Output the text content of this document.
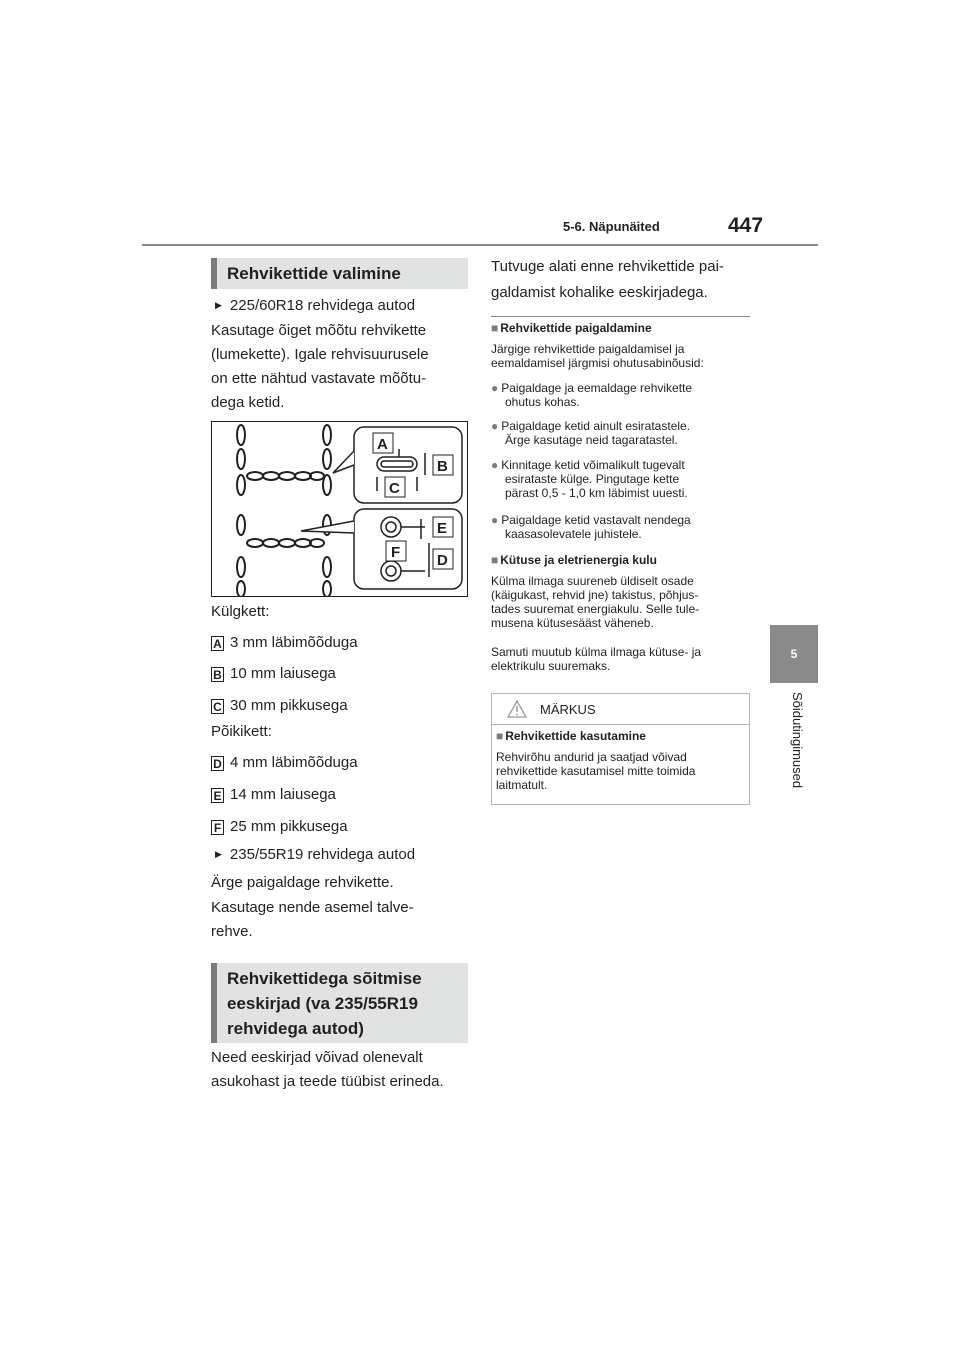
5-6. Näpunäited	447
5
Sõidutingimused
Rehvikettide valimine
▶ 225/60R18 rehvidega autod
Kasutage õiget mõõtu rehvikette
(lumekette). Igale rehvisuurusele
on ette nähtud vastavate mõõtu-
dega ketid.
A
B
C
E
F D
Külgkett:
A 3 mm läbimõõduga
B 10 mm laiusega
C 30 mm pikkusega
Põikikett:
D 4 mm läbimõõduga
E 14 mm laiusega
F 25 mm pikkusega
▶ 235/55R19 rehvidega autod
Ärge paigaldage rehvikette.
Kasutage nende asemel talve-
rehve.
Rehvikettidega sõitmise
eeskirjad (va 235/55R19
rehvidega autod)
Need eeskirjad võivad olenevalt
asukohast ja teede tüübist erineda.
Tutvuge alati enne rehvikettide pai-
galdamist kohalike eeskirjadega.
■ Rehvikettide paigaldamine
Järgige rehvikettide paigaldamisel ja
eemaldamisel järgmisi ohutusabinõusid:
● Paigaldage ja eemaldage rehvikette
ohutus kohas.
● Paigaldage ketid ainult esiratastele.
Ärge kasutage neid tagaratastel.
● Kinnitage ketid võimalikult tugevalt
esirataste külge. Pingutage kette
pärast 0,5 - 1,0 km läbimist uuesti.
● Paigaldage ketid vastavalt nendega
kaasasolevatele juhistele.
■ Kütuse ja eletrienergia kulu
Külma ilmaga suureneb üldiselt osade
(käigukast, rehvid jne) takistus, põhjus-
tades suuremat energiakulu. Selle tule-
musena kütusesääst väheneb.
Samuti muutub külma ilmaga kütuse- ja
elektrikulu suuremaks.
MÄRKUS
■ Rehvikettide kasutamine
Rehvirõhu andurid ja saatjad võivad
rehvikettide kasutamisel mitte toimida
laitmatult.
